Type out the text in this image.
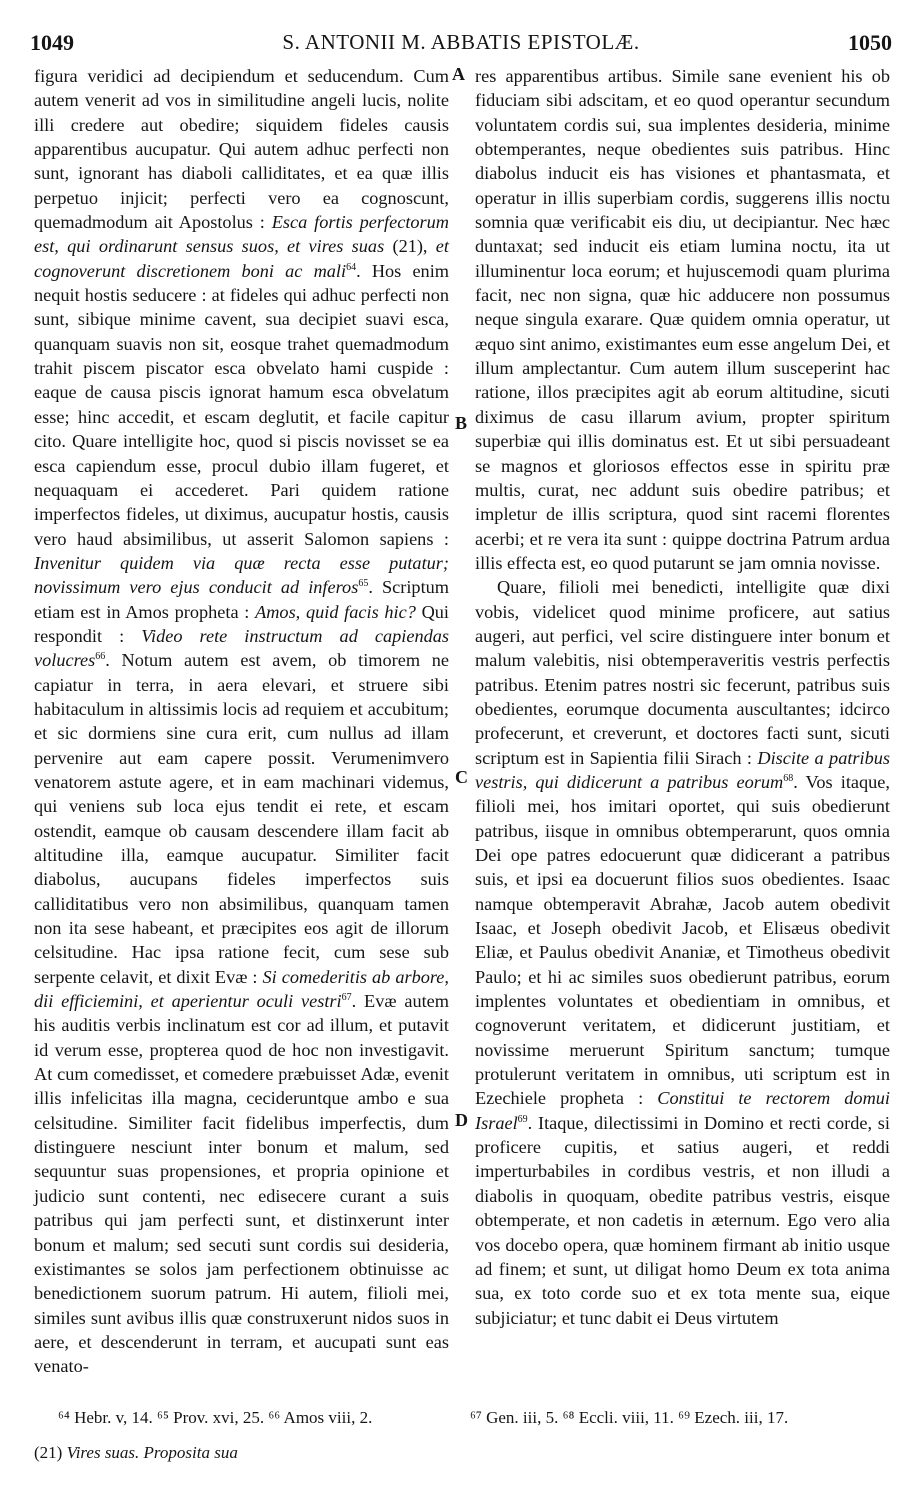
1049	S. ANTONII M. ABBATIS EPISTOLÆ.	1050
A
B
C
D

figura veridici ad decipiendum et seducendum. Cum autem venerit ad vos in similitudine angeli lucis, nolite illi credere aut obedire; siquidem fideles causis apparentibus aucupatur. Qui autem adhuc perfecti non sunt, ignorant has diaboli calliditates, et ea quæ illis perpetuo injicit; perfecti vero ea cognoscunt, quemadmodum ait Apostolus : Esca fortis perfectorum est, qui ordinarunt sensus suos, et vires suas (21), et cognoverunt discretionem boni ac mali$^{64}$. Hos enim nequit hostis seducere : at fideles qui adhuc perfecti non sunt, sibique minime cavent, sua decipiet suavi esca, quanquam suavis non sit, eosque trahet quemadmodum trahit piscem piscator esca obvelato hami cuspide : eaque de causa piscis ignorat hamum esca obvelatum esse; hinc accedit, et escam deglutit, et facile capitur cito. Quare intelligite hoc, quod si piscis novisset se ea esca capiendum esse, procul dubio illam fugeret, et nequaquam ei accederet. Pari quidem ratione imperfectos fideles, ut diximus, aucupatur hostis, causis vero haud absimilibus, ut asserit Salomon sapiens : Invenitur quidem via quæ recta esse putatur; novissimum vero ejus conducit ad inferos$^{65}$. Scriptum etiam est in Amos propheta : Amos, quid facis hic? Qui respondit : Video rete instructum ad capiendas volucres$^{66}$. Notum autem est avem, ob timorem ne capiatur in terra, in aera elevari, et struere sibi habitaculum in altissimis locis ad requiem et accubitum; et sic dormiens sine cura erit, cum nullus ad illam pervenire aut eam capere possit. Verumenimvero venatorem astute agere, et in eam machinari videmus, qui veniens sub loca ejus tendit ei rete, et escam ostendit, eamque ob causam descendere illam facit ab altitudine illa, eamque aucupatur. Similiter facit diabolus, aucupans fideles imperfectos suis calliditatibus vero non absimilibus, quanquam tamen non ita sese habeant, et præcipites eos agit de illorum celsitudine. Hac ipsa ratione fecit, cum sese sub serpente celavit, et dixit Evæ : Si comederitis ab arbore, dii efficiemini, et aperientur oculi vestri$^{67}$. Evæ autem his auditis verbis inclinatum est cor ad illum, et putavit id verum esse, propterea quod de hoc non investigavit. At cum comedisset, et comedere præbuisset Adæ, evenit illis infelicitas illa magna, cecideruntque ambo e sua celsitudine. Similiter facit fidelibus imperfectis, dum distinguere nesciunt inter bonum et malum, sed sequuntur suas propensiones, et propria opinione et judicio sunt contenti, nec edisecere curant a suis patribus qui jam perfecti sunt, et distinxerunt inter bonum et malum; sed secuti sunt cordis sui desideria, existimantes se solos jam perfectionem obtinuisse ac benedictionem suorum patrum. Hi autem, filioli mei, similes sunt avibus illis quæ construxerunt nidos suos in aere, et descenderunt in terram, et aucupati sunt eas venato-

res apparentibus artibus. Simile sane evenient his ob fiduciam sibi adscitam, et eo quod operantur secundum voluntatem cordis sui, sua implentes desideria, minime obtemperantes, neque obedientes suis patribus. Hinc diabolus inducit eis has visiones et phantasmata, et operatur in illis superbiam cordis, suggerens illis noctu somnia quæ verificabit eis diu, ut decipiantur. Nec hæc duntaxat; sed inducit eis etiam lumina noctu, ita ut illuminentur loca eorum; et hujuscemodi quam plurima facit, nec non signa, quæ hic adducere non possumus neque singula exarare. Quæ quidem omnia operatur, ut æquo sint animo, existimantes eum esse angelum Dei, et illum amplectantur. Cum autem illum susceperint hac ratione, illos præcipites agit ab eorum altitudine, sicuti diximus de casu illarum avium, propter spiritum superbiæ qui illis dominatus est. Et ut sibi persuadeant se magnos et gloriosos effectos esse in spiritu præ multis, curat, nec addunt suis obedire patribus; et impletur de illis scriptura, quod sint racemi florentes acerbi; et re vera ita sunt : quippe doctrina Patrum ardua illis effecta est, eo quod putarunt se jam omnia novisse.

Quare, filioli mei benedicti, intelligite quæ dixi vobis, videlicet quod minime proficere, aut satius augeri, aut perfici, vel scire distinguere inter bonum et malum valebitis, nisi obtemperaveritis vestris perfectis patribus. Etenim patres nostri sic fecerunt, patribus suis obedientes, eorumque documenta auscultantes; idcirco profecerunt, et creverunt, et doctores facti sunt, sicuti scriptum est in Sapientia filii Sirach : Discite a patribus vestris, qui didicerunt a patribus eorum$^{68}$. Vos itaque, filioli mei, hos imitari oportet, qui suis obedierunt patribus, iisque in omnibus obtemperarunt, quos omnia Dei ope patres edocuerunt quæ didicerant a patribus suis, et ipsi ea docuerunt filios suos obedientes. Isaac namque obtemperavit Abrahæ, Jacob autem obedivit Isaac, et Joseph obedivit Jacob, et Elisæus obedivit Eliæ, et Paulus obedivit Ananiæ, et Timotheus obedivit Paulo; et hi ac similes suos obedierunt patribus, eorum implentes voluntates et obedientiam in omnibus, et cognoverunt veritatem, et didicerunt justitiam, et novissime meruerunt Spiritum sanctum; tumque protulerunt veritatem in omnibus, uti scriptum est in Ezechiele propheta : Constitui te rectorem domui Israel$^{69}$. Itaque, dilectissimi in Domino et recti corde, si proficere cupitis, et satius augeri, et reddi imperturbabiles in cordibus vestris, et non illudi a diabolis in quoquam, obedite patribus vestris, eisque obtemperate, et non cadetis in æternum. Ego vero alia vos docebo opera, quæ hominem firmant ab initio usque ad finem; et sunt, ut diligat homo Deum ex tota anima sua, ex toto corde suo et ex tota mente sua, eique subjiciatur; et tunc dabit ei Deus virtutem

⁶⁴ Hebr. v, 14. ⁶⁵ Prov. xvi, 25. ⁶⁶ Amos viii, 2.	⁶⁷ Gen. iii, 5. ⁶⁸ Eccli. viii, 11. ⁶⁹ Ezech. iii, 17.
(21) Vires suas. Proposita sua
